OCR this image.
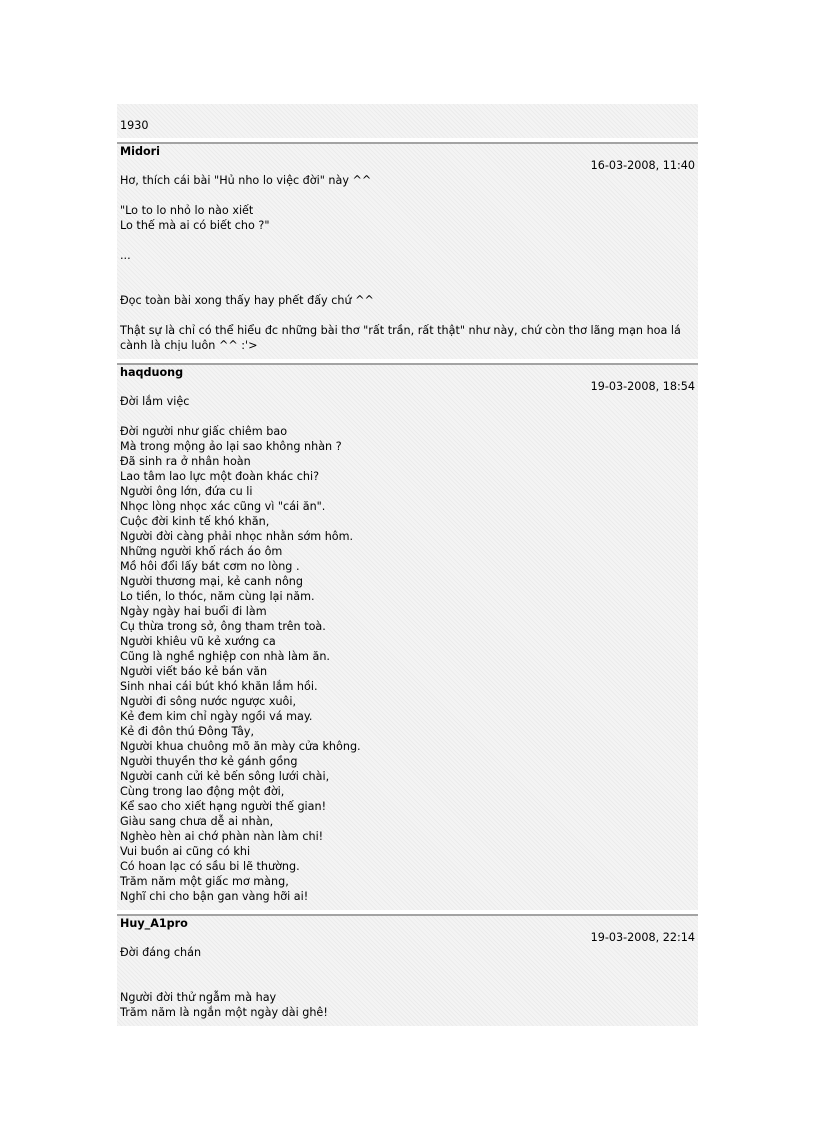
1930
Midori
16-03-2008, 11:40
Hơ, thích cái bài "Hủ nho lo việc đời" này ^^
"Lo to lo nhỏ lo nào xiết
Lo thế mà ai có biết cho ?"
...
Đọc toàn bài xong thấy hay phết đấy chứ ^^
Thật sự là chỉ có thể hiểu đc những bài thơ "rất trần, rất thật" như này, chứ còn thơ lãng mạn hoa lá
cành là chịu luôn ^^ :'>
haqduong
19-03-2008, 18:54
Đời lắm việc
Đời người như giấc chiêm bao
Mà trong mộng ảo lại sao không nhàn ?
Đã sinh ra ở nhân hoàn
Lao tâm lao lực một đoàn khác chi?
Người ông lớn, đứa cu li
Nhọc lòng nhọc xác cũng vì "cái ăn".
Cuộc đời kinh tế khó khăn,
Người đời càng phải nhọc nhằn sớm hôm.
Những người khố rách áo ôm
Mồ hôi đổi lấy bát cơm no lòng .
Người thương mại, kẻ canh nông
Lo tiền, lo thóc, năm cùng lại năm.
Ngày ngày hai buổi đi làm
Cụ thừa trong sở, ông tham trên toà.
Người khiêu vũ kẻ xướng ca
Cũng là nghề nghiệp con nhà làm ăn.
Người viết báo kẻ bán văn
Sinh nhai cái bút khó khăn lắm hồi.
Người đi sông nước ngược xuôi,
Kẻ đem kim chỉ ngày ngồi vá may.
Kẻ đi đôn thú Đông Tây,
Người khua chuông mõ ăn mày cửa không.
Người thuyền thơ kẻ gánh gồng
Người canh cửi kẻ bến sông lưới chài,
Cùng trong lao động một đời,
Kể sao cho xiết hạng người thế gian!
Giàu sang chưa dễ ai nhàn,
Nghèo hèn ai chớ phàn nàn làm chi!
Vui buồn ai cũng có khi
Có hoan lạc có sầu bi lẽ thường.
Trăm năm một giấc mơ màng,
Nghĩ chi cho bận gan vàng hỡi ai!
Huy_A1pro
19-03-2008, 22:14
Đời đáng chán
Người đời thử ngẫm mà hay
Trăm năm là ngắn một ngày dài ghê!
